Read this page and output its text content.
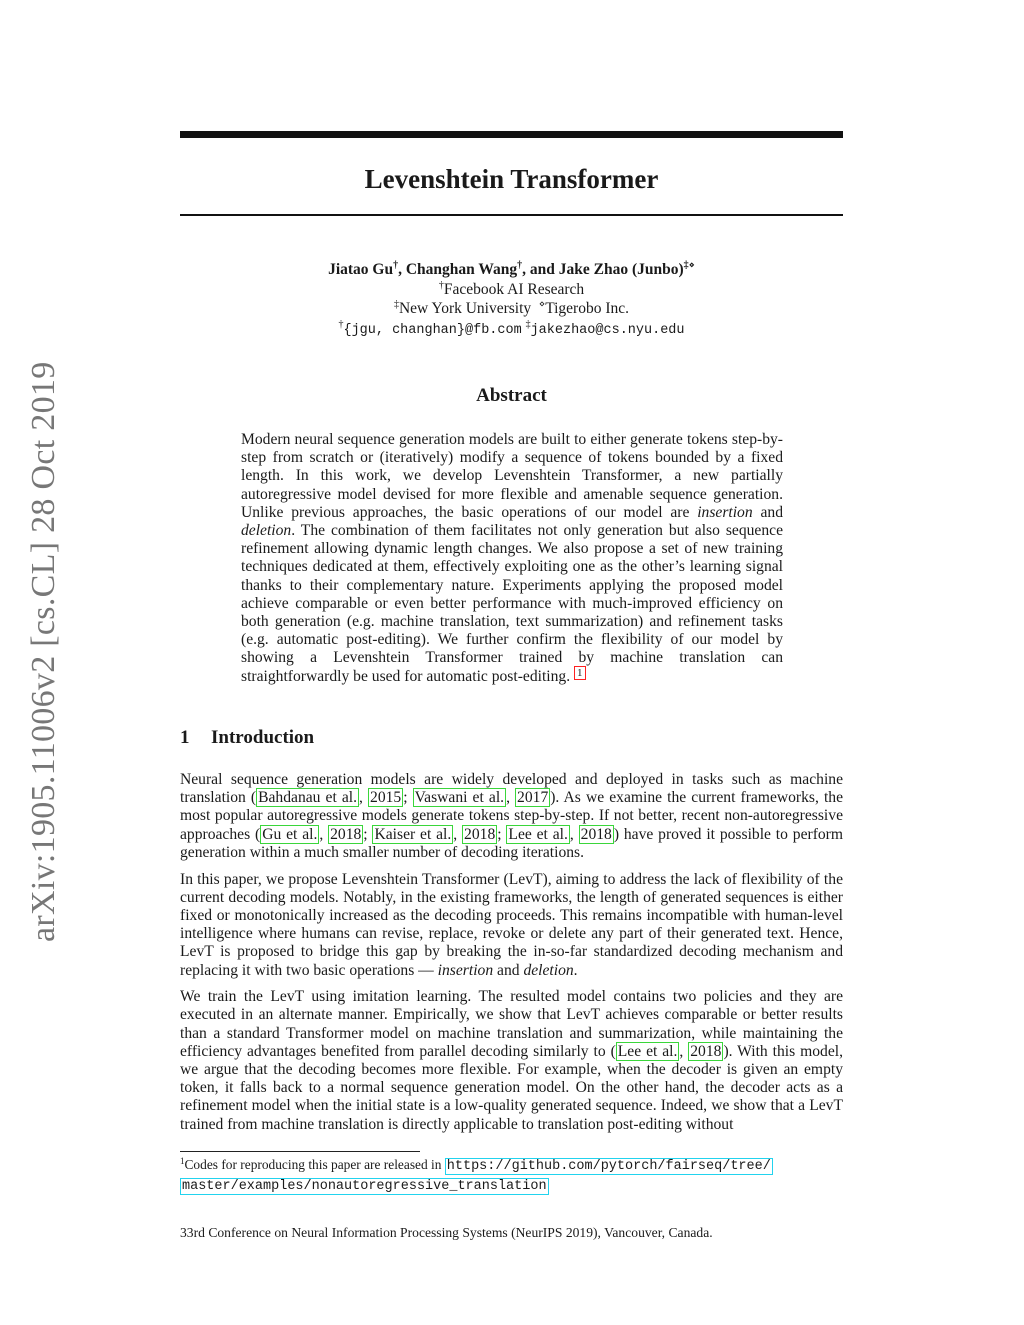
arXiv:1905.11006v2 [cs.CL] 28 Oct 2019
Levenshtein Transformer
Jiatao Gu†, Changhan Wang†, and Jake Zhao (Junbo)‡⋄
†Facebook AI Research
‡New York University ⋄Tigerobo Inc.
†{jgu, changhan}@fb.com ‡jakezhao@cs.nyu.edu
Abstract
Modern neural sequence generation models are built to either generate tokens step-by-step from scratch or (iteratively) modify a sequence of tokens bounded by a fixed length. In this work, we develop Levenshtein Transformer, a new partially autoregressive model devised for more flexible and amenable sequence generation. Unlike previous approaches, the basic operations of our model are insertion and deletion. The combination of them facilitates not only generation but also sequence refinement allowing dynamic length changes. We also propose a set of new training techniques dedicated at them, effectively exploiting one as the other’s learning signal thanks to their complementary nature. Experiments applying the proposed model achieve comparable or even better performance with much-improved efficiency on both generation (e.g. machine translation, text summarization) and refinement tasks (e.g. automatic post-editing). We further confirm the flexibility of our model by showing a Levenshtein Transformer trained by machine translation can straightforwardly be used for automatic post-editing. $^1$
1 Introduction

Neural sequence generation models are widely developed and deployed in tasks such as machine translation ( Bahdanau et al. , 2015 ; Vaswani et al. , 2017 ). As we examine the current frameworks, the most popular autoregressive models generate tokens step-by-step. If not better, recent non-autoregressive approaches ( Gu et al. , 2018 ; Kaiser et al. , 2018 ; Lee et al. , 2018 ) have proved it possible to perform generation within a much smaller number of decoding iterations.

In this paper, we propose Levenshtein Transformer (LevT), aiming to address the lack of flexibility of the current decoding models. Notably, in the existing frameworks, the length of generated sequences is either fixed or monotonically increased as the decoding proceeds. This remains incompatible with human-level intelligence where humans can revise, replace, revoke or delete any part of their generated text. Hence, LevT is proposed to bridge this gap by breaking the in-so-far standardized decoding mechanism and replacing it with two basic operations — insertion and deletion.

We train the LevT using imitation learning. The resulted model contains two policies and they are executed in an alternate manner. Empirically, we show that LevT achieves comparable or better results than a standard Transformer model on machine translation and summarization, while maintaining the efficiency advantages benefited from parallel decoding similarly to ( Lee et al. , 2018 ). With this model, we argue that the decoding becomes more flexible. For example, when the decoder is given an empty token, it falls back to a normal sequence generation model. On the other hand, the decoder acts as a refinement model when the initial state is a low-quality generated sequence. Indeed, we show that a LevT trained from machine translation is directly applicable to translation post-editing without

$^1$Codes for reproducing this paper are released in https://github.com/pytorch/fairseq/tree/
master/examples/nonautoregressive_translation
33rd Conference on Neural Information Processing Systems (NeurIPS 2019), Vancouver, Canada.
